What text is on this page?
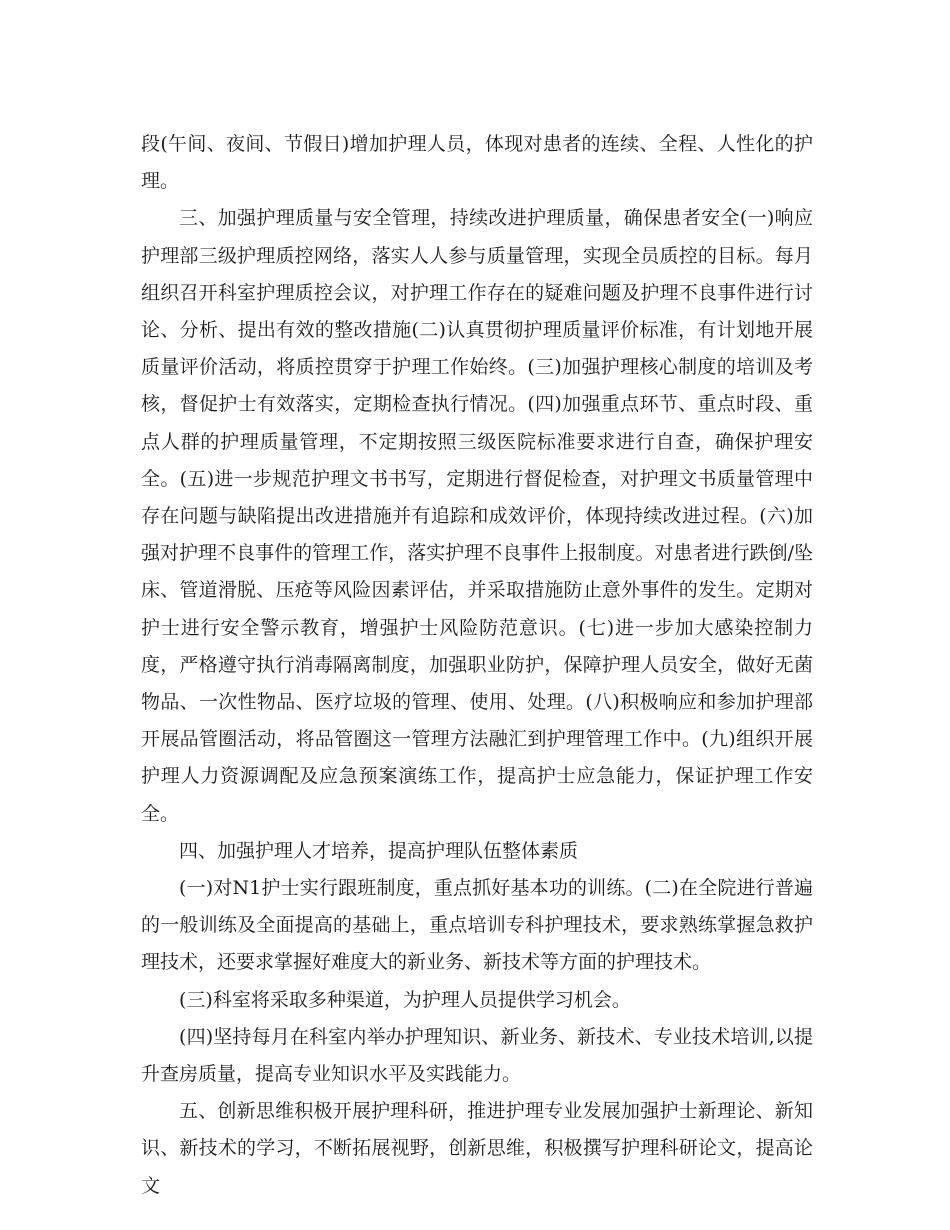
段(午间、夜间、节假日)增加护理人员，体现对患者的连续、全程、人性化的护理。

三、加强护理质量与安全管理，持续改进护理质量，确保患者安全(一)响应护理部三级护理质控网络，落实人人参与质量管理，实现全员质控的目标。每月组织召开科室护理质控会议，对护理工作存在的疑难问题及护理不良事件进行讨论、分析、提出有效的整改措施(二)认真贯彻护理质量评价标准，有计划地开展质量评价活动，将质控贯穿于护理工作始终。(三)加强护理核心制度的培训及考核，督促护士有效落实，定期检查执行情况。(四)加强重点环节、重点时段、重点人群的护理质量管理，不定期按照三级医院标准要求进行自查，确保护理安全。(五)进一步规范护理文书书写，定期进行督促检查，对护理文书质量管理中存在问题与缺陷提出改进措施并有追踪和成效评价，体现持续改进过程。(六)加强对护理不良事件的管理工作，落实护理不良事件上报制度。对患者进行跌倒/坠床、管道滑脱、压疮等风险因素评估，并采取措施防止意外事件的发生。定期对护士进行安全警示教育，增强护士风险防范意识。(七)进一步加大感染控制力度，严格遵守执行消毒隔离制度，加强职业防护，保障护理人员安全，做好无菌物品、一次性物品、医疗垃圾的管理、使用、处理。(八)积极响应和参加护理部开展品管圈活动，将品管圈这一管理方法融汇到护理管理工作中。(九)组织开展护理人力资源调配及应急预案演练工作，提高护士应急能力，保证护理工作安全。

四、加强护理人才培养，提高护理队伍整体素质

(一)对N1护士实行跟班制度，重点抓好基本功的训练。(二)在全院进行普遍的一般训练及全面提高的基础上，重点培训专科护理技术，要求熟练掌握急救护理技术，还要求掌握好难度大的新业务、新技术等方面的护理技术。

(三)科室将采取多种渠道，为护理人员提供学习机会。

(四)坚持每月在科室内举办护理知识、新业务、新技术、专业技术培训,以提升查房质量，提高专业知识水平及实践能力。

五、创新思维积极开展护理科研，推进护理专业发展加强护士新理论、新知识、新技术的学习，不断拓展视野，创新思维，积极撰写护理科研论文，提高论文
